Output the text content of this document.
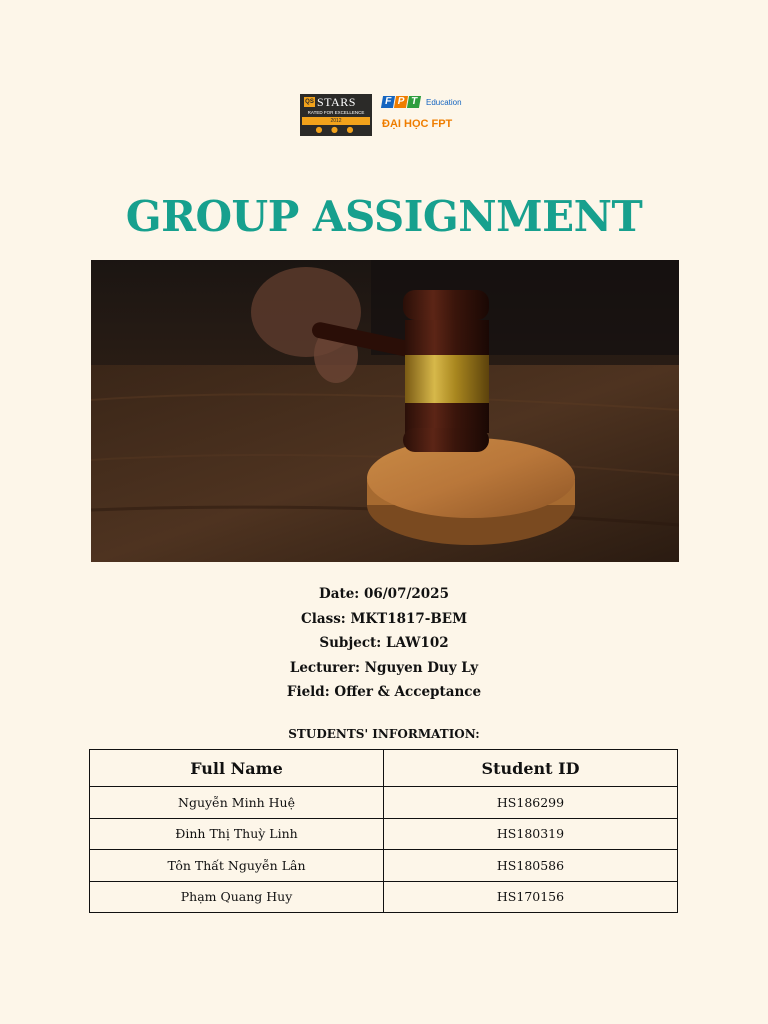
QS STARS
RATED FOR EXCELLENCE
2012
● ● ●
F P T Education
ĐẠI HỌC FPT
GROUP ASSIGNMENT
Date: 06/07/2025
Class: MKT1817-BEM
Subject: LAW102
Lecturer: Nguyen Duy Ly
Field: Offer & Acceptance
STUDENTS' INFORMATION:
Full Name	Student ID
Nguyễn Minh Huệ	HS186299
Đinh Thị Thuỳ Linh	HS180319
Tôn Thất Nguyễn Lân	HS180586
Phạm Quang Huy	HS170156
